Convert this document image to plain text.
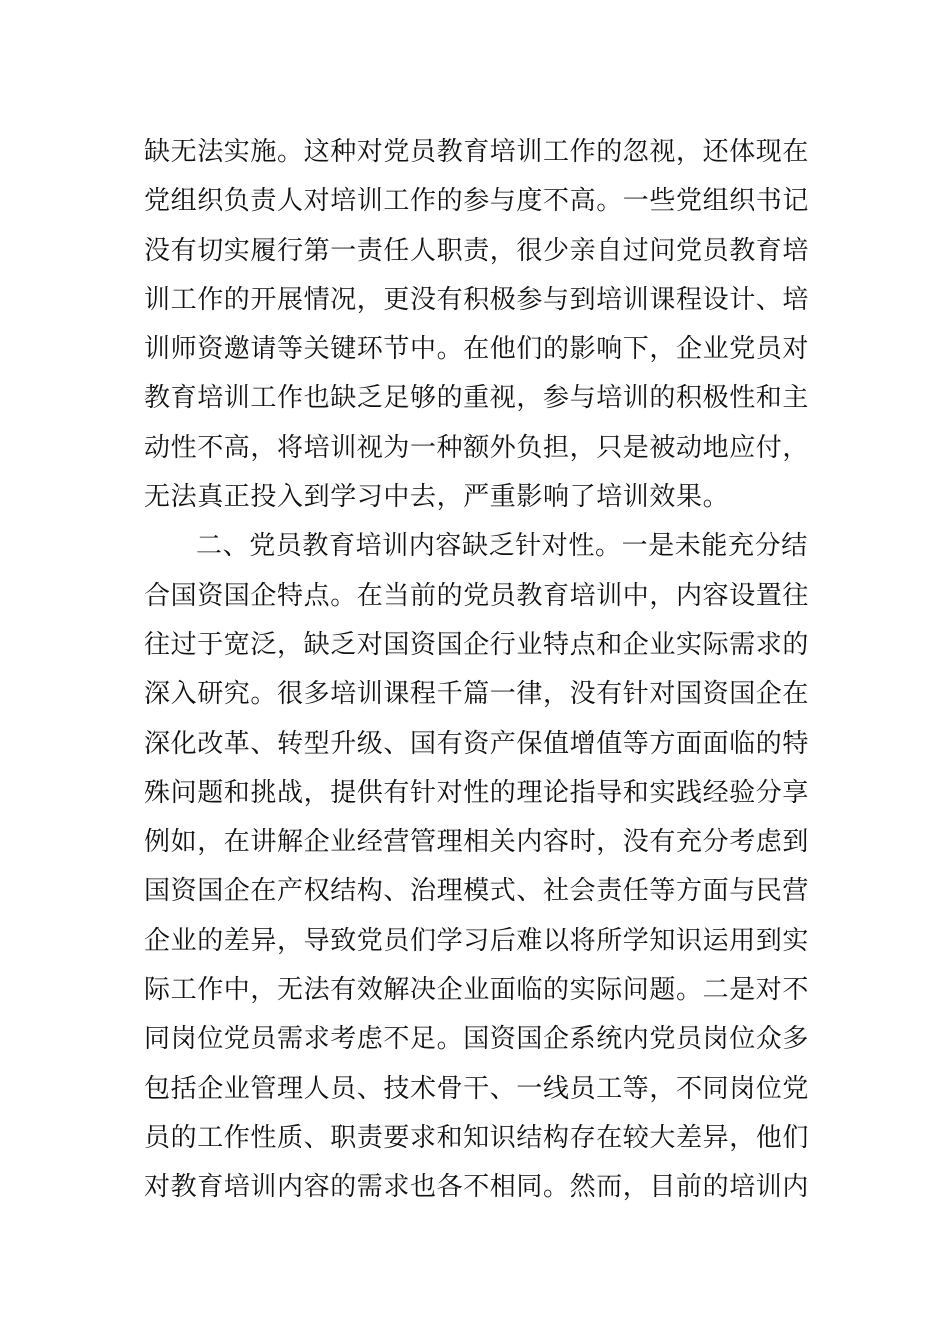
缺无法实施。这种对党员教育培训工作的忽视，还体现在
党组织负责人对培训工作的参与度不高。一些党组织书记
没有切实履行第一责任人职责，很少亲自过问党员教育培
训工作的开展情况，更没有积极参与到培训课程设计、培
训师资邀请等关键环节中。在他们的影响下，企业党员对
教育培训工作也缺乏足够的重视，参与培训的积极性和主
动性不高，将培训视为一种额外负担，只是被动地应付，
无法真正投入到学习中去，严重影响了培训效果。
二、党员教育培训内容缺乏针对性。一是未能充分结
合国资国企特点。在当前的党员教育培训中，内容设置往
往过于宽泛，缺乏对国资国企行业特点和企业实际需求的
深入研究。很多培训课程千篇一律，没有针对国资国企在
深化改革、转型升级、国有资产保值增值等方面面临的特
殊问题和挑战，提供有针对性的理论指导和实践经验分享
例如，在讲解企业经营管理相关内容时，没有充分考虑到
国资国企在产权结构、治理模式、社会责任等方面与民营
企业的差异，导致党员们学习后难以将所学知识运用到实
际工作中，无法有效解决企业面临的实际问题。二是对不
同岗位党员需求考虑不足。国资国企系统内党员岗位众多
包括企业管理人员、技术骨干、一线员工等，不同岗位党
员的工作性质、职责要求和知识结构存在较大差异，他们
对教育培训内容的需求也各不相同。然而，目前的培训内
